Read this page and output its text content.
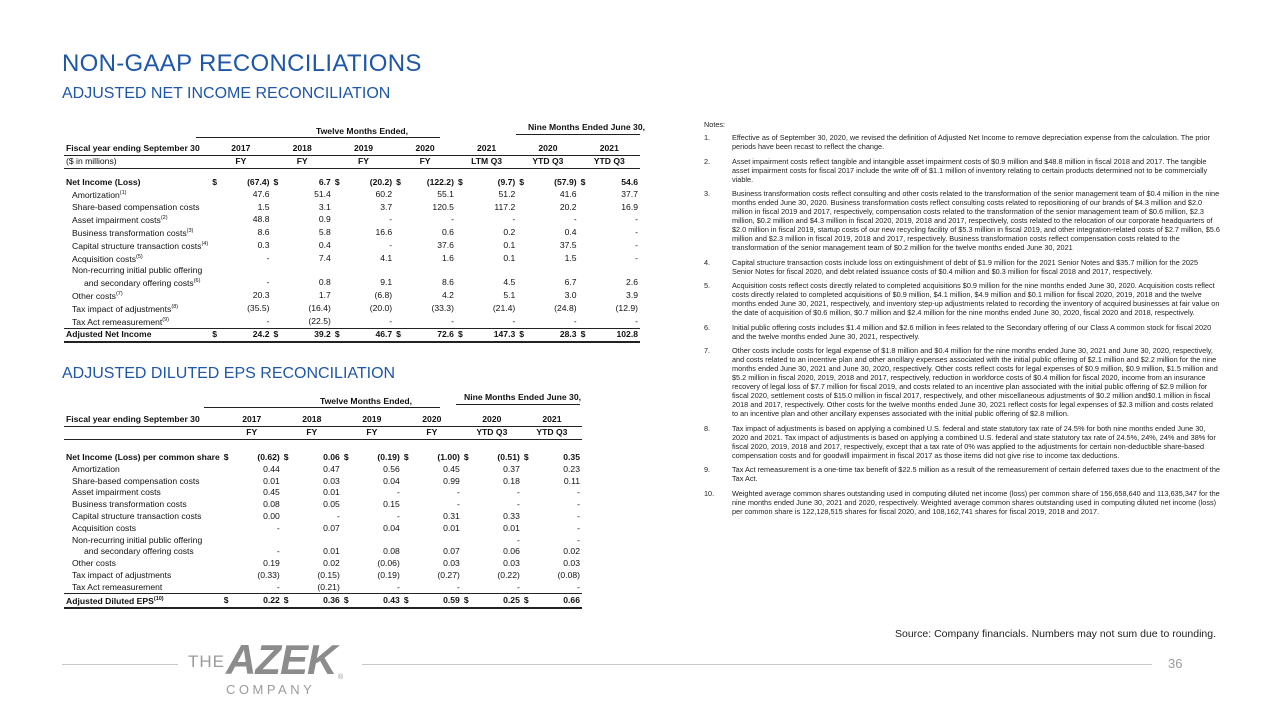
NON-GAAP RECONCILIATIONS
ADJUSTED NET INCOME RECONCILIATION
Twelve Months Ended,	Nine Months Ended June 30,
Fiscal year ending September 30	2017		2018		2019		2020		2021		2020		2021	
($ in millions)	FY		FY		FY		FY		LTM Q3		YTD Q3		YTD Q3	

Net Income (Loss)	$	(67.4)	$	6.7	$	(20.2)	$	(122.2)	$	(9.7)	$	(57.9)	$	54.6
Amortization$^{(1)}$		47.6		51.4		60.2		55.1		51.2		41.6		37.7
Share-based compensation costs		1.5		3.1		3.7		120.5		117.2		20.2		16.9
Asset impairment costs$^{(2)}$		48.8		0.9		-		-		-		-		-
Business transformation costs$^{(3)}$		8.6		5.8		16.6		0.6		0.2		0.4		-
Capital structure transaction costs$^{(4)}$		0.3		0.4		-		37.6		0.1		37.5		-
Acquisition costs$^{(5)}$		-		7.4		4.1		1.6		0.1		1.5		-
Non-recurring initial public offering														
and secondary offering costs$^{(6)}$		-		0.8		9.1		8.6		4.5		6.7		2.6
Other costs$^{(7)}$		20.3		1.7		(6.8)		4.2		5.1		3.0		3.9
Tax impact of adjustments$^{(8)}$		(35.5)		(16.4)		(20.0)		(33.3)		(21.4)		(24.8)		(12.9)
Tax Act remeasurement$^{(9)}$		-		(22.5)		-		-		-		-		-
Adjusted Net Income	$	24.2	$	39.2	$	46.7	$	72.6	$	147.3	$	28.3	$	102.8
ADJUSTED DILUTED EPS RECONCILIATION
Twelve Months Ended,	Nine Months Ended June 30,
Fiscal year ending September 30	2017		2018		2019		2020		2020		2021	
	FY		FY		FY		FY		YTD Q3		YTD Q3	

Net Income (Loss) per common share	$	(0.62)	$	0.06	$	(0.19)	$	(1.00)	$	(0.51)	$	0.35
Amortization		0.44		0.47		0.56		0.45		0.37		0.23
Share-based compensation costs		0.01		0.03		0.04		0.99		0.18		0.11
Asset impairment costs		0.45		0.01		-		-		-		-
Business transformation costs		0.08		0.05		0.15		-		-		-
Capital structure transaction costs		0.00		-		-		0.31		0.33		-
Acquisition costs		-		0.07		0.04		0.01		0.01		-
Non-recurring initial public offering										-		-
and secondary offering costs		-		0.01		0.08		0.07		0.06		0.02
Other costs		0.19		0.02		(0.06)		0.03		0.03		0.03
Tax impact of adjustments		(0.33)		(0.15)		(0.19)		(0.27)		(0.22)		(0.08)
Tax Act remeasurement		-		(0.21)		-		-		-		-
Adjusted Diluted EPS$^{(10)}$	$	0.22	$	0.36	$	0.43	$	0.59	$	0.25	$	0.66
Notes:
1.	Effective as of September 30, 2020, we revised the definition of Adjusted Net Income to remove depreciation expense from the calculation. The prior periods have been recast to reflect the change.
2.	Asset impairment costs reflect tangible and intangible asset impairment costs of $0.9 million and $48.8 million in fiscal 2018 and 2017. The tangible asset impairment costs for fiscal 2017 include the write off of $1.1 million of inventory relating to certain products determined not to be commercially viable.
3.	Business transformation costs reflect consulting and other costs related to the transformation of the senior management team of $0.4 million in the nine months ended June 30, 2020. Business transformation costs reflect consulting costs related to repositioning of our brands of $4.3 million and $2.0 million in fiscal 2019 and 2017, respectively, compensation costs related to the transformation of the senior management team of $0.6 million, $2.3 million, $0.2 million and $4.3 million in fiscal 2020, 2019, 2018 and 2017, respectively, costs related to the relocation of our corporate headquarters of $2.0 million in fiscal 2019, startup costs of our new recycling facility of $5.3 million in fiscal 2019, and other integration-related costs of $2.7 million, $5.6 million and $2.3 million in fiscal 2019, 2018 and 2017, respectively. Business transformation costs reflect compensation costs related to the transformation of the senior management team of $0.2 million for the twelve months ended June 30, 2021
4.	Capital structure transaction costs include loss on extinguishment of debt of $1.9 million for the 2021 Senior Notes and $35.7 million for the 2025 Senior Notes for fiscal 2020, and debt related issuance costs of $0.4 million and $0.3 million for fiscal 2018 and 2017, respectively.
5.	Acquisition costs reflect costs directly related to completed acquisitions $0.9 million for the nine months ended June 30, 2020. Acquisition costs reflect costs directly related to completed acquisitions of $0.9 million, $4.1 million, $4.9 million and $0.1 million for fiscal 2020, 2019, 2018 and the twelve months ended June 30, 2021, respectively, and inventory step-up adjustments related to recording the inventory of acquired businesses at fair value on the date of acquisition of $0.6 million, $0.7 million and $2.4 million for the nine months ended June 30, 2020, fiscal 2020 and 2018, respectively.
6.	Initial public offering costs includes $1.4 million and $2.6 million in fees related to the Secondary offering of our Class A common stock for fiscal 2020 and the twelve months ended June 30, 2021, respectively.
7.	Other costs include costs for legal expense of $1.8 million and $0.4 million for the nine months ended June 30, 2021 and June 30, 2020, respectively, and costs related to an incentive plan and other ancillary expenses associated with the initial public offering of $2.1 million and $2.2 million for the nine months ended June 30, 2021 and June 30, 2020, respectively. Other costs reflect costs for legal expenses of $0.9 million, $0.9 million, $1.5 million and $5.2 million in fiscal 2020, 2019, 2018 and 2017, respectively, reduction in workforce costs of $0.4 million for fiscal 2020, income from an insurance recovery of legal loss of $7.7 million for fiscal 2019, and costs related to an incentive plan associated with the initial public offering of $2.9 million for fiscal 2020, settlement costs of $15.0 million in fiscal 2017, respectively, and other miscellaneous adjustments of $0.2 million and$0.1 million in fiscal 2018 and 2017, respectively. Other costs for the twelve months ended June 30, 2021 reflect costs for legal expenses of $2.3 million and costs related to an incentive plan and other ancillary expenses associated with the initial public offering of $2.8 million.
8.	Tax impact of adjustments is based on applying a combined U.S. federal and state statutory tax rate of 24.5% for both nine months ended June 30, 2020 and 2021. Tax impact of adjustments is based on applying a combined U.S. federal and state statutory tax rate of 24.5%, 24%, 24% and 38% for fiscal 2020, 2019, 2018 and 2017, respectively, except that a tax rate of 0% was applied to the adjustments for certain non-deductible share-based compensation costs and for goodwill impairment in fiscal 2017 as those items did not give rise to income tax deductions.
9.	Tax Act remeasurement is a one-time tax benefit of $22.5 million as a result of the remeasurement of certain deferred taxes due to the enactment of the Tax Act.
10.	Weighted average common shares outstanding used in computing diluted net income (loss) per common share of 156,658,640 and 113,635,347 for the nine months ended June 30, 2021 and 2020, respectively. Weighted average common shares outstanding used in computing diluted net income (loss) per common share is 122,128,515 shares for fiscal 2020, and 108,162,741 shares for fiscal 2019, 2018 and 2017.
Source: Company financials. Numbers may not sum due to rounding.
36
THE AZEK
COMPANY
®
